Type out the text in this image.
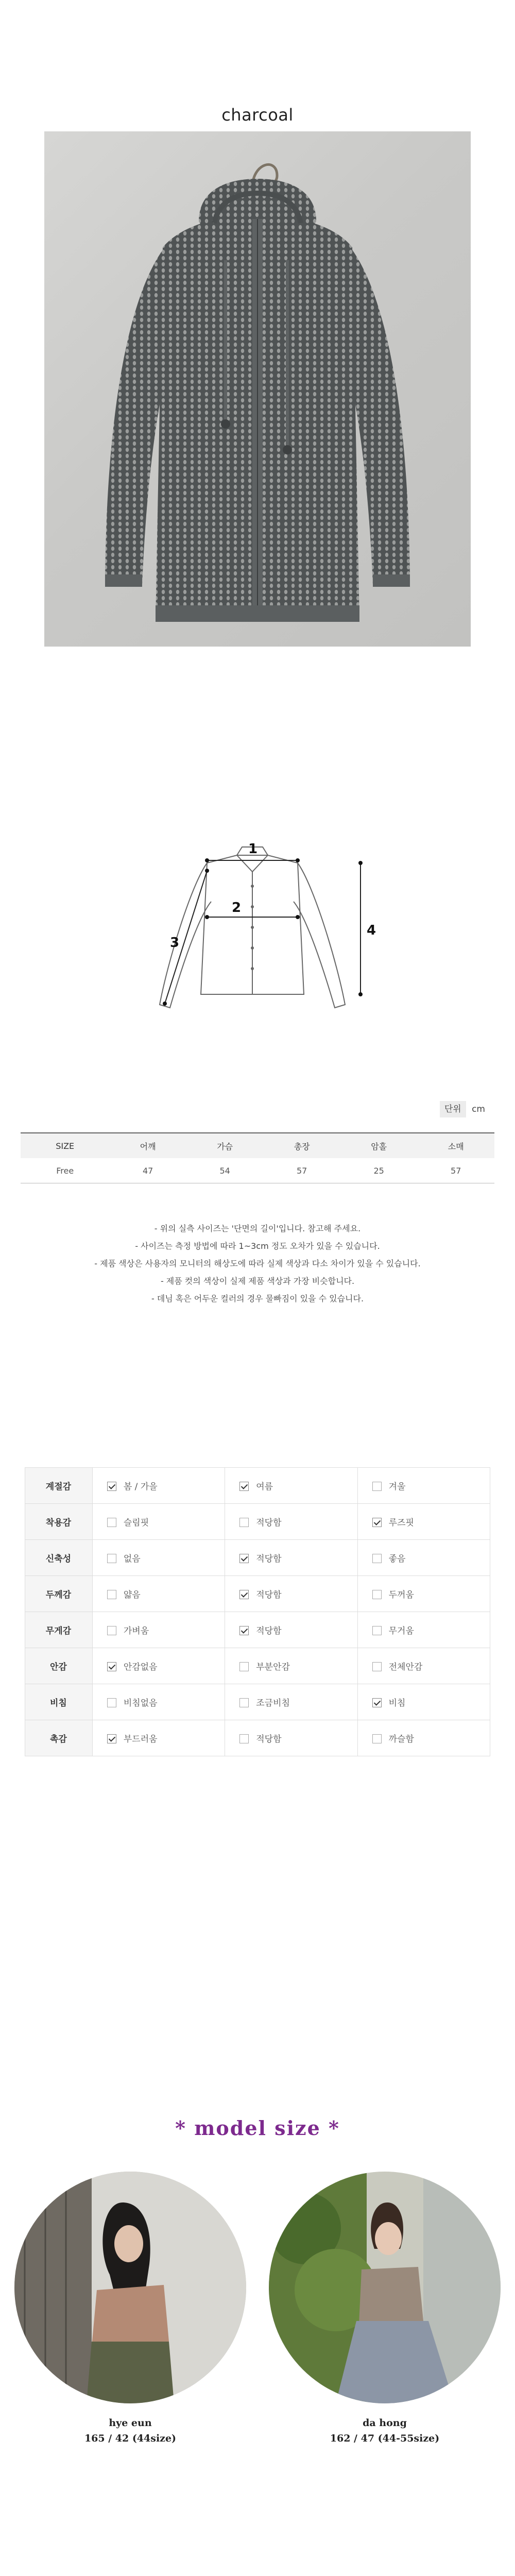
charcoal
1
2
3
4
단위 cm
SIZE	어깨	가슴	총장	암홀	소매
Free	47	54	57	25	57
- 위의 실측 사이즈는 '단면의 길이'입니다. 참고해 주세요.
- 사이즈는 측정 방법에 따라 1~3cm 정도 오차가 있을 수 있습니다.
- 제품 색상은 사용자의 모니터의 해상도에 따라 실제 색상과 다소 차이가 있을 수 있습니다.
- 제품 컷의 색상이 실제 제품 색상과 가장 비슷합니다.
- 데님 혹은 어두운 컬러의 경우 물빠짐이 있을 수 있습니다.
계절감	봄 / 가을	여름	겨울
착용감	슬림핏	적당함	루즈핏
신축성	없음	적당함	좋음
두께감	얇음	적당함	두꺼움
무게감	가벼움	적당함	무거움
안감	안감없음	부분안감	전체안감
비침	비침없음	조금비침	비침
촉감	부드러움	적당함	까슬함
* model size *
hye eun
165 / 42 (44size)
da hong
162 / 47 (44-55size)
